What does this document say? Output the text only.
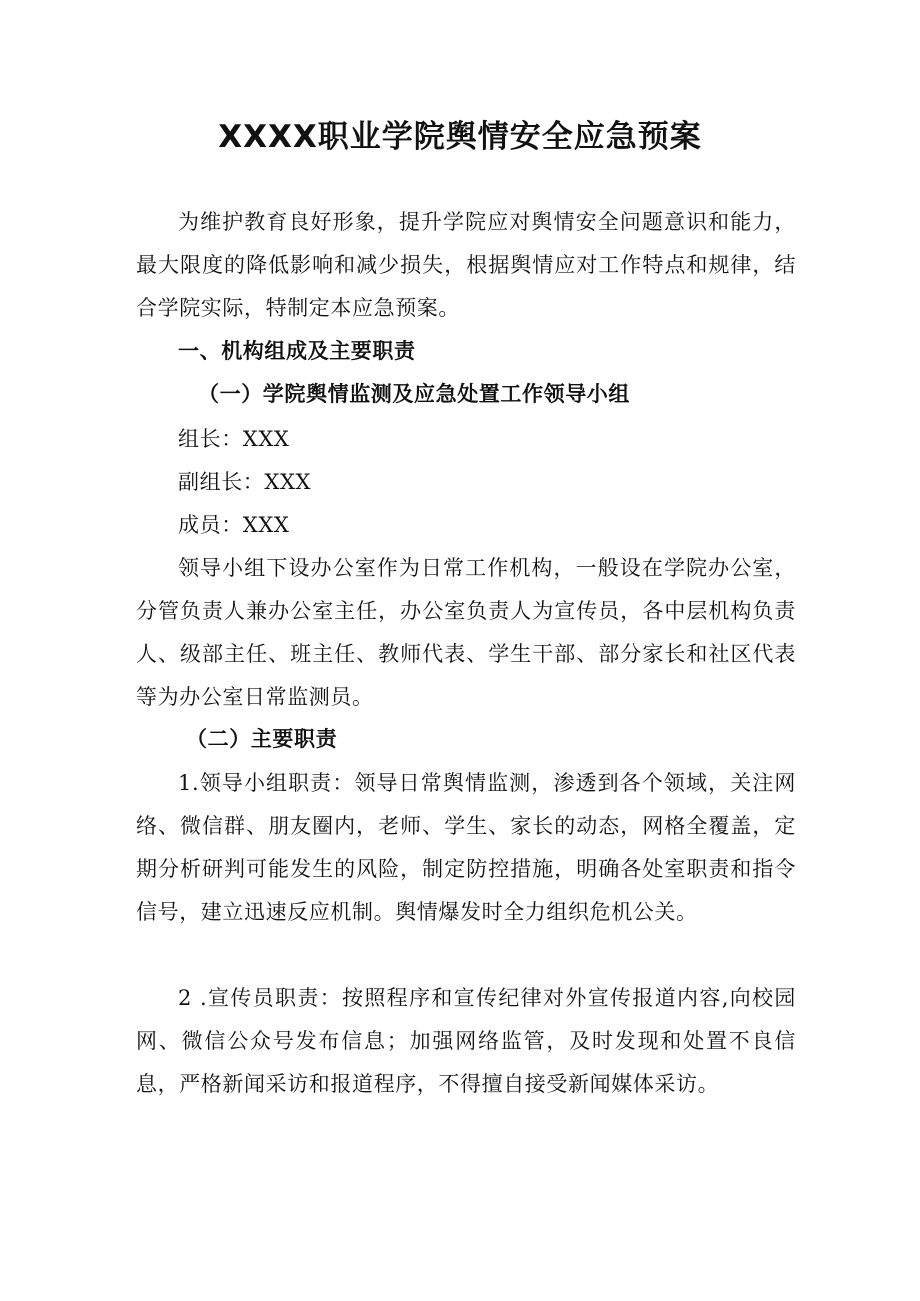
XXXX职业学院舆情安全应急预案

为维护教育良好形象，提升学院应对舆情安全问题意识和能力，最大限度的降低影响和减少损失，根据舆情应对工作特点和规律，结合学院实际，特制定本应急预案。

一、机构组成及主要职责
（一）学院舆情监测及应急处置工作领导小组

组长：XXX

副组长：XXX

成员：XXX

领导小组下设办公室作为日常工作机构，一般设在学院办公室，分管负责人兼办公室主任，办公室负责人为宣传员，各中层机构负责人、级部主任、班主任、教师代表、学生干部、部分家长和社区代表等为办公室日常监测员。

（二）主要职责

1.领导小组职责：领导日常舆情监测，渗透到各个领域，关注网络、微信群、朋友圈内，老师、学生、家长的动态，网格全覆盖，定期分析研判可能发生的风险，制定防控措施，明确各处室职责和指令信号，建立迅速反应机制。舆情爆发时全力组织危机公关。

2 .宣传员职责：按照程序和宣传纪律对外宣传报道内容,向校园网、微信公众号发布信息；加强网络监管，及时发现和处置不良信息，严格新闻采访和报道程序，不得擅自接受新闻媒体采访。
